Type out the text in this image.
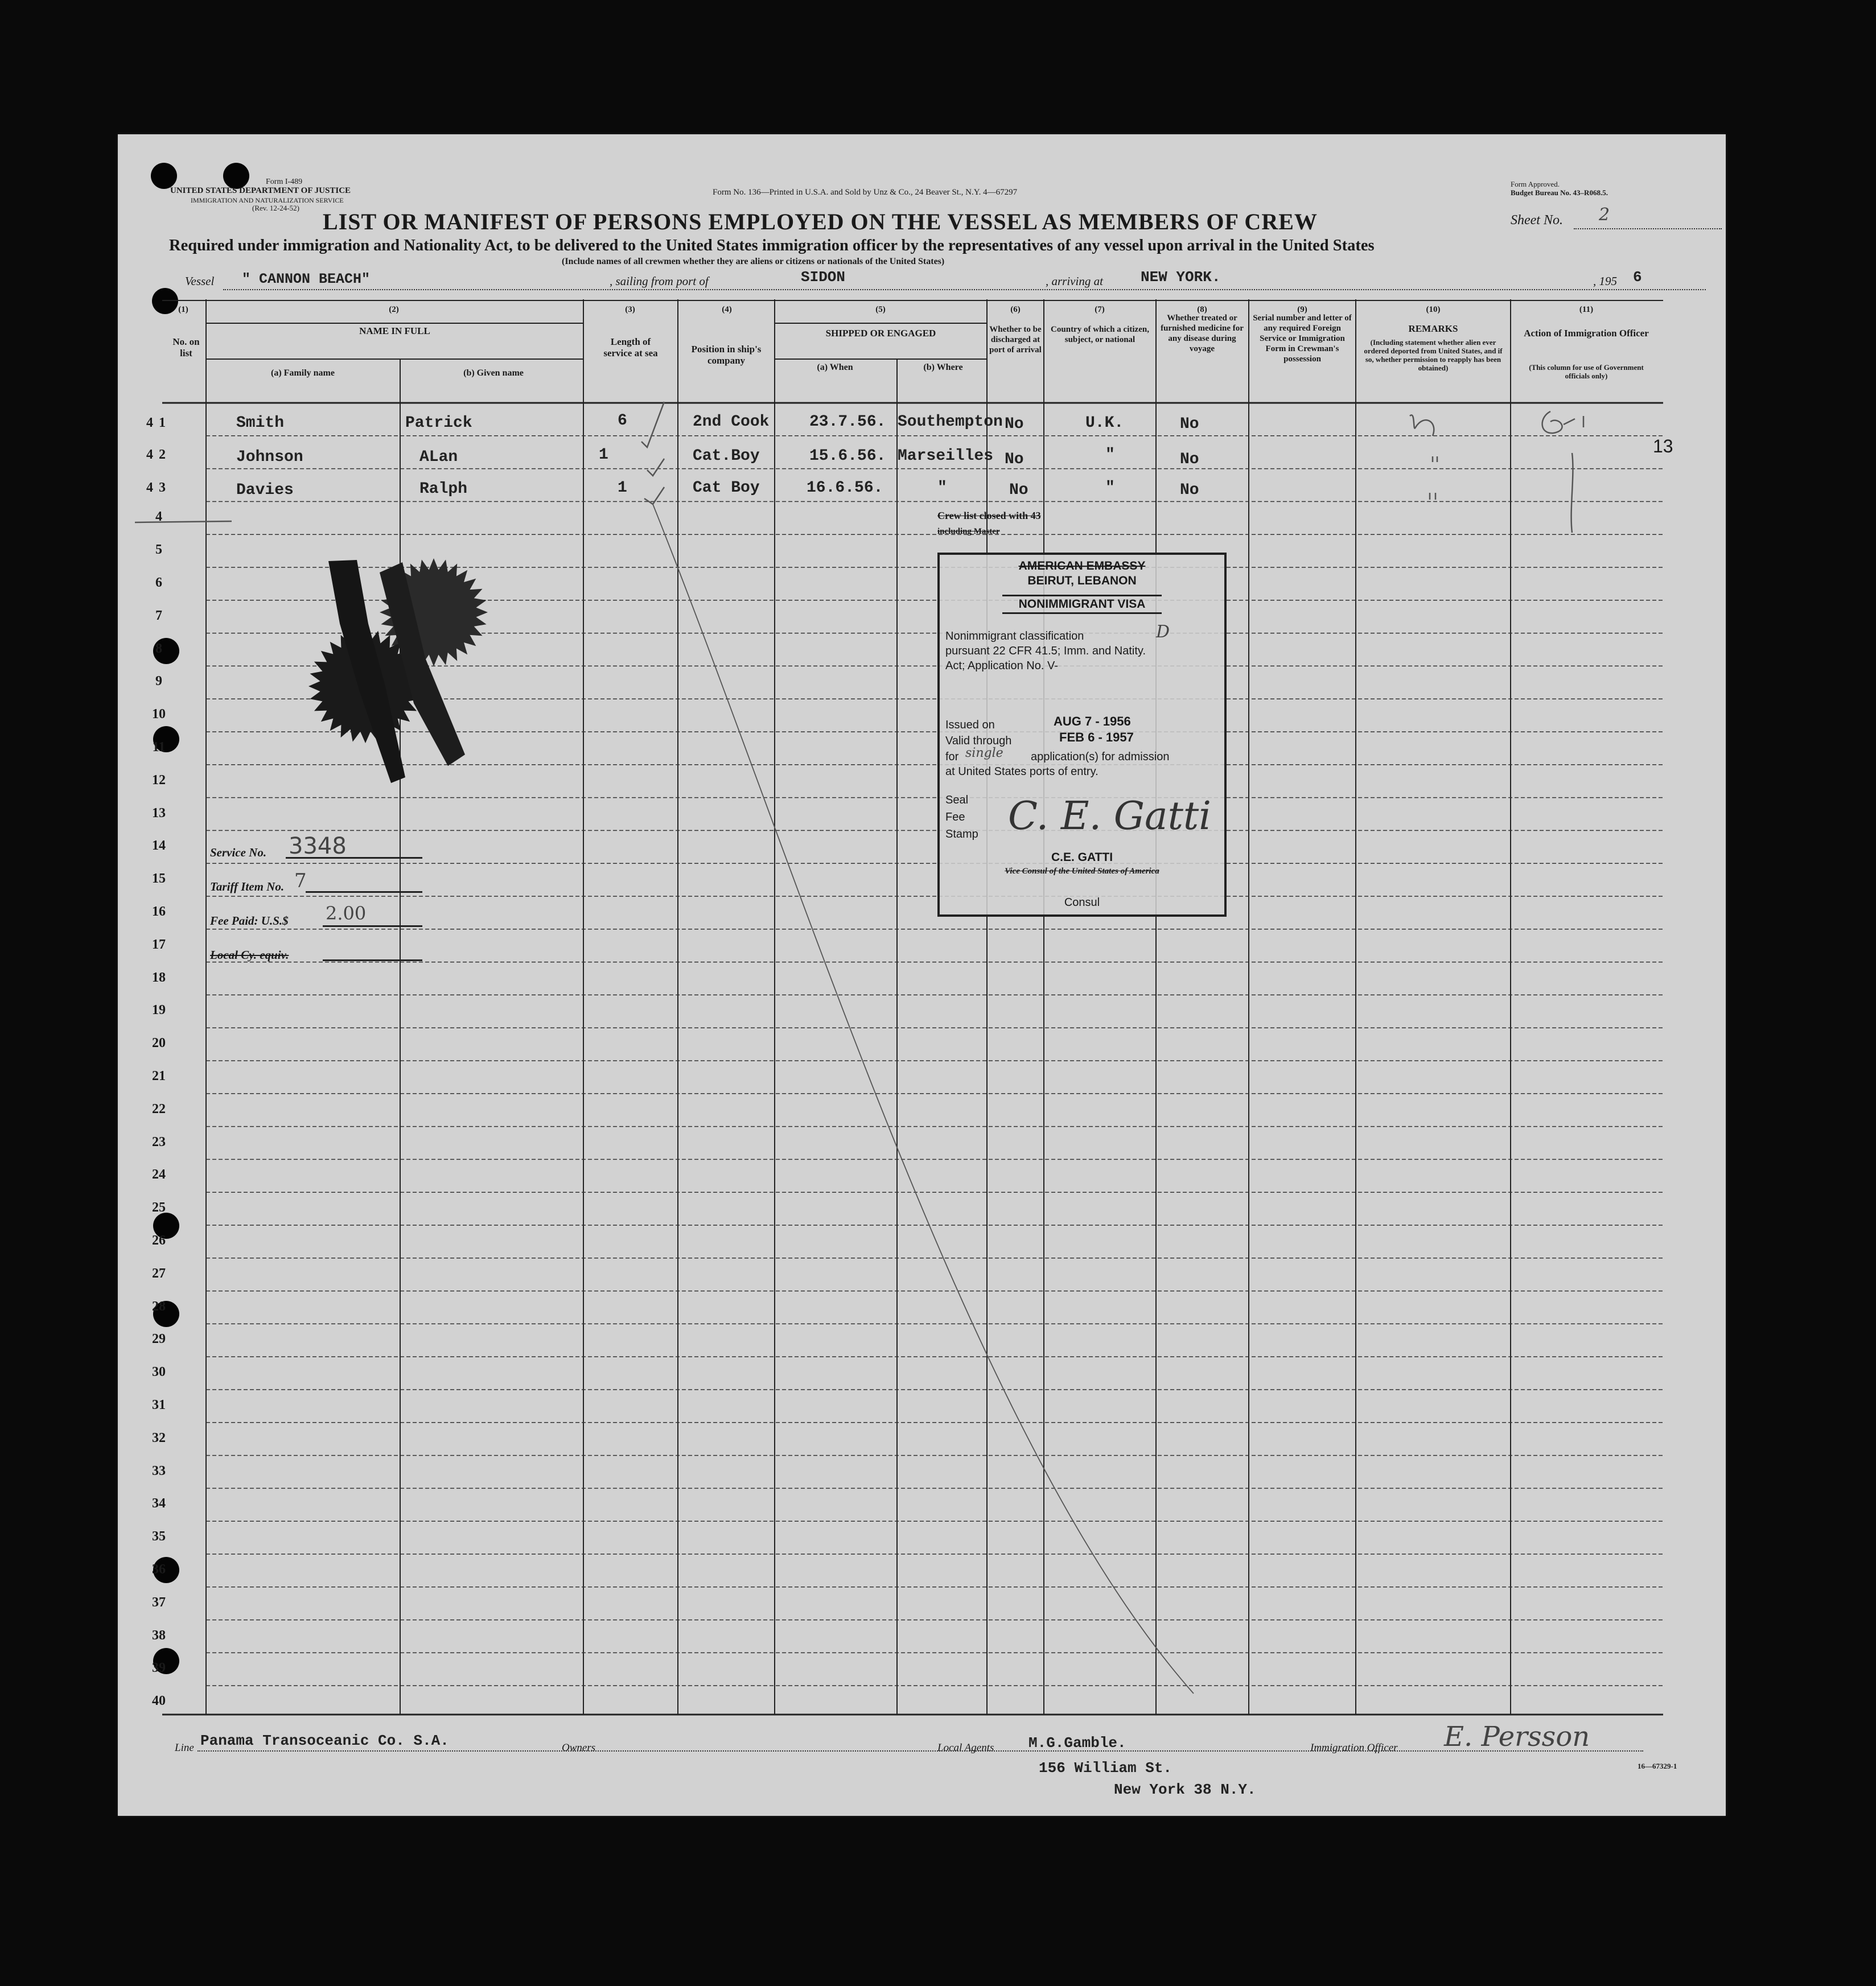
Form I-489
UNITED STATES DEPARTMENT OF JUSTICE
IMMIGRATION AND NATURALIZATION SERVICE
(Rev. 12-24-52)
Form No. 136—Printed in U.S.A. and Sold by Unz & Co., 24 Beaver St., N.Y. 4—67297
Form Approved.
Budget Bureau No. 43–R068.5.
LIST OR MANIFEST OF PERSONS EMPLOYED ON THE VESSEL AS MEMBERS OF CREW	Sheet No. 2
Required under immigration and Nationality Act, to be delivered to the United States immigration officer by the representatives of any vessel upon arrival in the United States
(Include names of all crewmen whether they are aliens or citizens or nationals of the United States)
Vessel " CANNON BEACH"	, sailing from port of	SIDON	, arriving at	NEW YORK.	, 195 6
(1)
No. on list
(2)
NAME IN FULL
(a) Family name	(b) Given name
(3)
Length of service at sea
(4)
Position in ship's company
(5)
SHIPPED OR ENGAGED
(a) When	(b) Where
(6)
Whether to be discharged at port of arrival
(7)
Country of which a citizen, subject, or national
(8)
Whether treated or furnished medicine for any disease during voyage
(9)
Serial number and letter of any required Foreign Service or Immigration Form in Crewman's possession
(10)
REMARKS
(Including statement whether alien ever ordered deported from United States, and if so, whether permission to reapply has been obtained)
(11)
Action of Immigration Officer
(This column for use of Government officials only)
4
5
6
7
8
9
10
11
12
13
14
15
16
17
18
19
20
21
22
23
24
25
26
27
28
29
30
31
32
33
34
35
36
37
38
39
40
41	Smith	Patrick	6	2nd Cook	23.7.56. Southempton No	U.K.	No
42	Johnson	ALan	1	Cat.Boy	15.6.56. Marseilles No	"	No
43	Davies	Ralph	1	Cat Boy	16.6.56.	"	No	"	No
13
Crew list closed with 43
including Master
Service No. 3348
Tariff Item No. 7
Fee Paid: U.S.$ 2.00
Local Cy. equiv.
AMERICAN EMBASSY
BEIRUT, LEBANON
NONIMMIGRANT VISA
Nonimmigrant classification	D
pursuant 22 CFR 41.5; Imm. and Natity.
Act; Application No. V-
Issued on	AUG 7 - 1956
Valid through	FEB 6 - 1957
for single application(s) for admission
at United States ports of entry.
Seal
Fee
Stamp C. E. Gatti
C.E. GATTI
Vice Consul of the United States of America
Consul
Line Panama Transoceanic Co. S.A.	Owners	Local Agents M.G.Gamble.
156 William St.
New York 38 N.Y.
Immigration Officer E. Persson
16—67329-1
